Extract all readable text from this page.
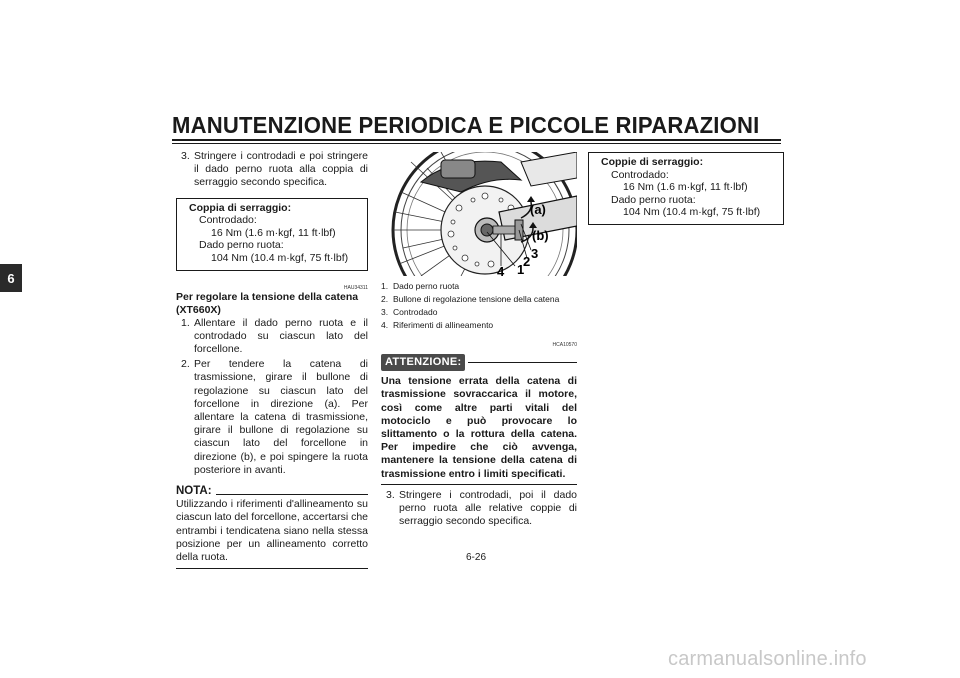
MANUTENZIONE PERIODICA E PICCOLE RIPARAZIONI
6
3. Stringere i controdadi e poi stringere il dado perno ruota alla coppia di serraggio secondo specifica.
Coppia di serraggio:
Controdado:
16 Nm (1.6 m·kgf, 11 ft·lbf)
Dado perno ruota:
104 Nm (10.4 m·kgf, 75 ft·lbf)
HAU34311
Per regolare la tensione della catena (XT660X)
1. Allentare il dado perno ruota e il controdado su ciascun lato del forcellone.
2. Per tendere la catena di trasmissione, girare il bullone di regolazione su ciascun lato del forcellone in direzione (a). Per allentare la catena di trasmissione, girare il bullone di regolazione su ciascun lato del forcellone in direzione (b), e poi spingere la ruota posteriore in avanti.
NOTA:
Utilizzando i riferimenti d'allineamento su ciascun lato del forcellone, accertarsi che entrambi i tendicatena siano nella stessa posizione per un allineamento corretto della ruota.
(a)
(b)
1
2
3
4
1. Dado perno ruota
2. Bullone di regolazione tensione della catena
3. Controdado
4. Riferimenti di allineamento
HCA10570
ATTENZIONE:
Una tensione errata della catena di trasmissione sovraccarica il motore, così come altre parti vitali del motociclo e può provocare lo slittamento o la rottura della catena. Per impedire che ciò avvenga, mantenere la tensione della catena di trasmissione entro i limiti specificati.
3. Stringere i controdadi, poi il dado perno ruota alle relative coppie di serraggio secondo specifica.
Coppie di serraggio:
Controdado:
16 Nm (1.6 m·kgf, 11 ft·lbf)
Dado perno ruota:
104 Nm (10.4 m·kgf, 75 ft·lbf)
6-26
carmanualsonline.info
